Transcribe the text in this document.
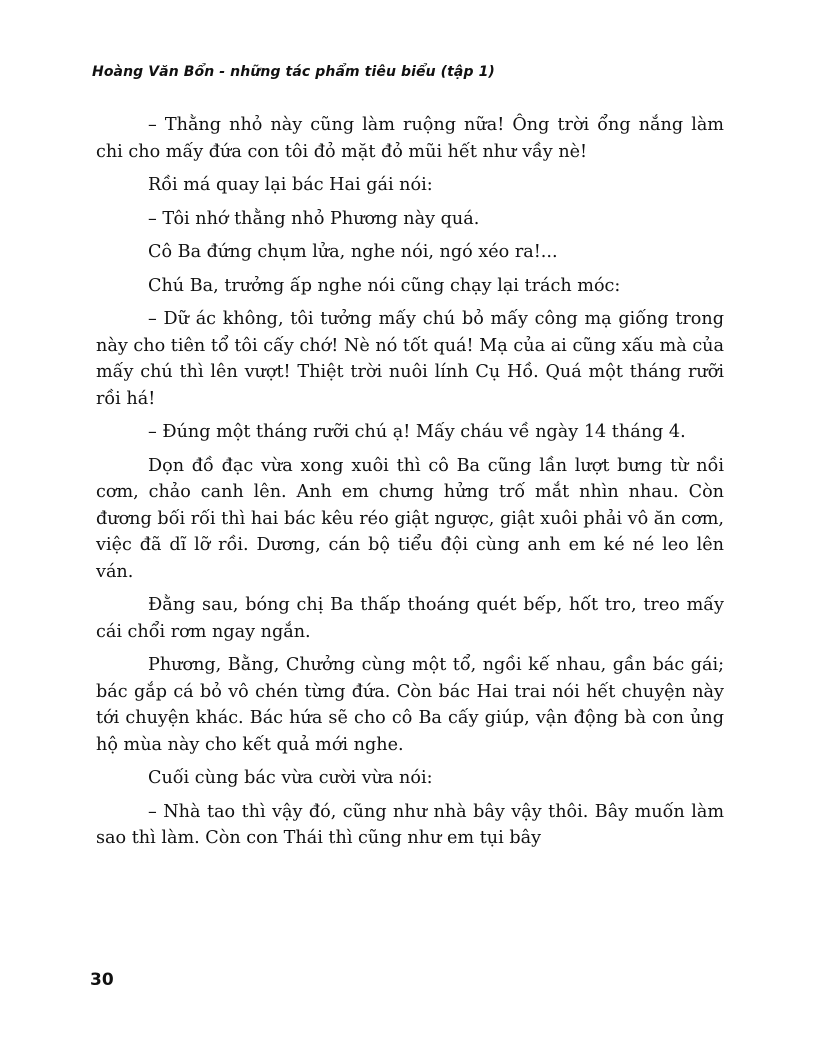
Hoàng Văn Bổn - những tác phẩm tiêu biểu (tập 1)

– Thằng nhỏ này cũng làm ruộng nữa! Ông trời ổng nắng làm chi cho mấy đứa con tôi đỏ mặt đỏ mũi hết như vầy nè!

Rồi má quay lại bác Hai gái nói:

– Tôi nhớ thằng nhỏ Phương này quá.

Cô Ba đứng chụm lửa, nghe nói, ngó xéo ra!...

Chú Ba, trưởng ấp nghe nói cũng chạy lại trách móc:

– Dữ ác không, tôi tưởng mấy chú bỏ mấy công mạ giống trong này cho tiên tổ tôi cấy chớ! Nè nó tốt quá! Mạ của ai cũng xấu mà của mấy chú thì lên vượt! Thiệt trời nuôi lính Cụ Hồ. Quá một tháng rưỡi rồi há!

– Đúng một tháng rưỡi chú ạ! Mấy cháu về ngày 14 tháng 4.

Dọn đồ đạc vừa xong xuôi thì cô Ba cũng lần lượt bưng từ nồi cơm, chảo canh lên. Anh em chưng hửng trố mắt nhìn nhau. Còn đương bối rối thì hai bác kêu réo giật ngược, giật xuôi phải vô ăn cơm, việc đã dĩ lỡ rồi. Dương, cán bộ tiểu đội cùng anh em ké né leo lên ván.

Đằng sau, bóng chị Ba thấp thoáng quét bếp, hốt tro, treo mấy cái chổi rơm ngay ngắn.

Phương, Bằng, Chưởng cùng một tổ, ngồi kế nhau, gần bác gái; bác gắp cá bỏ vô chén từng đứa. Còn bác Hai trai nói hết chuyện này tới chuyện khác. Bác hứa sẽ cho cô Ba cấy giúp, vận động bà con ủng hộ mùa này cho kết quả mới nghe.

Cuối cùng bác vừa cười vừa nói:

– Nhà tao thì vậy đó, cũng như nhà bây vậy thôi. Bây muốn làm sao thì làm. Còn con Thái thì cũng như em tụi bây

30
